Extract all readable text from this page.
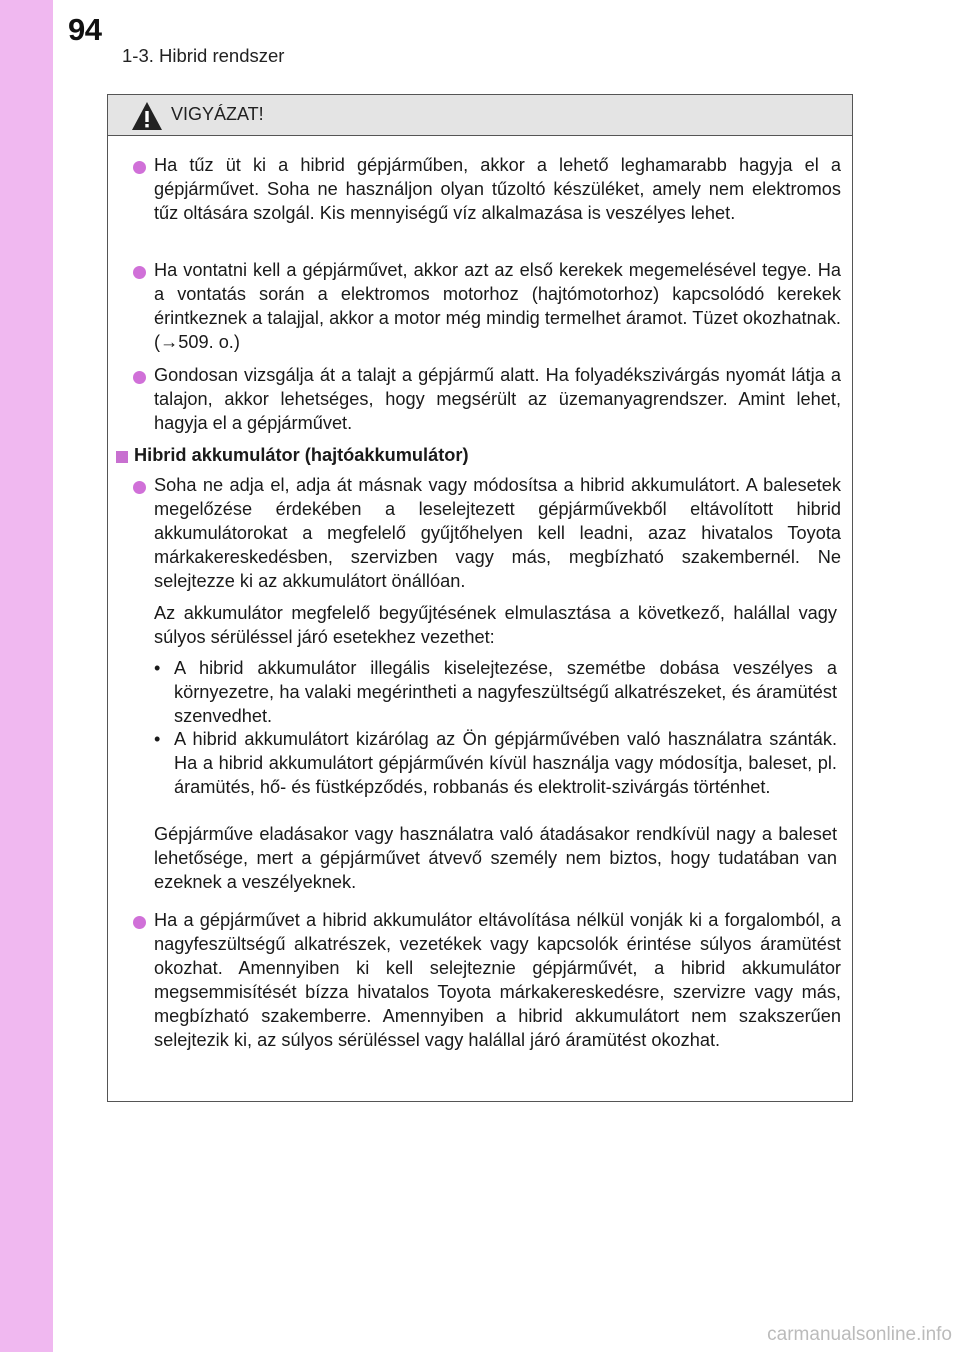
94
1-3. Hibrid rendszer
VIGYÁZAT!
Ha tűz üt ki a hibrid gépjárműben, akkor a lehető leghamarabb hagyja el a gépjárművet. Soha ne használjon olyan tűzoltó készüléket, amely nem elektromos tűz oltására szolgál. Kis mennyiségű víz alkalmazása is veszélyes lehet.
Ha vontatni kell a gépjárművet, akkor azt az első kerekek megemelésével tegye. Ha a vontatás során a elektromos motorhoz (hajtómotorhoz) kapcsolódó kerekek érintkeznek a talajjal, akkor a motor még mindig termelhet áramot. Tüzet okozhatnak. (→509. o.)
Gondosan vizsgálja át a talajt a gépjármű alatt. Ha folyadékszivárgás nyomát látja a talajon, akkor lehetséges, hogy megsérült az üzemanyagrendszer. Amint lehet, hagyja el a gépjárművet.
Hibrid akkumulátor (hajtóakkumulátor)
Soha ne adja el, adja át másnak vagy módosítsa a hibrid akkumulátort. A balesetek megelőzése érdekében a leselejtezett gépjárművekből eltávolított hibrid akkumulátorokat a megfelelő gyűjtőhelyen kell leadni, azaz hivatalos Toyota márkakereskedésben, szervizben vagy más, megbízható szakembernél. Ne selejtezze ki az akkumulátort önállóan.
Az akkumulátor megfelelő begyűjtésének elmulasztása a következő, halállal vagy súlyos sérüléssel járó esetekhez vezethet:
• A hibrid akkumulátor illegális kiselejtezése, szemétbe dobása veszélyes a környezetre, ha valaki megérintheti a nagyfeszültségű alkatrészeket, és áramütést szenvedhet.
• A hibrid akkumulátort kizárólag az Ön gépjárművében való használatra szánták. Ha a hibrid akkumulátort gépjárművén kívül használja vagy módosítja, baleset, pl. áramütés, hő- és füstképződés, robbanás és elektrolit-szivárgás történhet.
Gépjárműve eladásakor vagy használatra való átadásakor rendkívül nagy a baleset lehetősége, mert a gépjárművet átvevő személy nem biztos, hogy tudatában van ezeknek a veszélyeknek.
Ha a gépjárművet a hibrid akkumulátor eltávolítása nélkül vonják ki a forgalomból, a nagyfeszültségű alkatrészek, vezetékek vagy kapcsolók érintése súlyos áramütést okozhat. Amennyiben ki kell selejteznie gépjárművét, a hibrid akkumulátor megsemmisítését bízza hivatalos Toyota márkakereskedésre, szervizre vagy más, megbízható szakemberre. Amennyiben a hibrid akkumulátort nem szakszerűen selejtezik ki, az súlyos sérüléssel vagy halállal járó áramütést okozhat.
carmanualsonline.info
